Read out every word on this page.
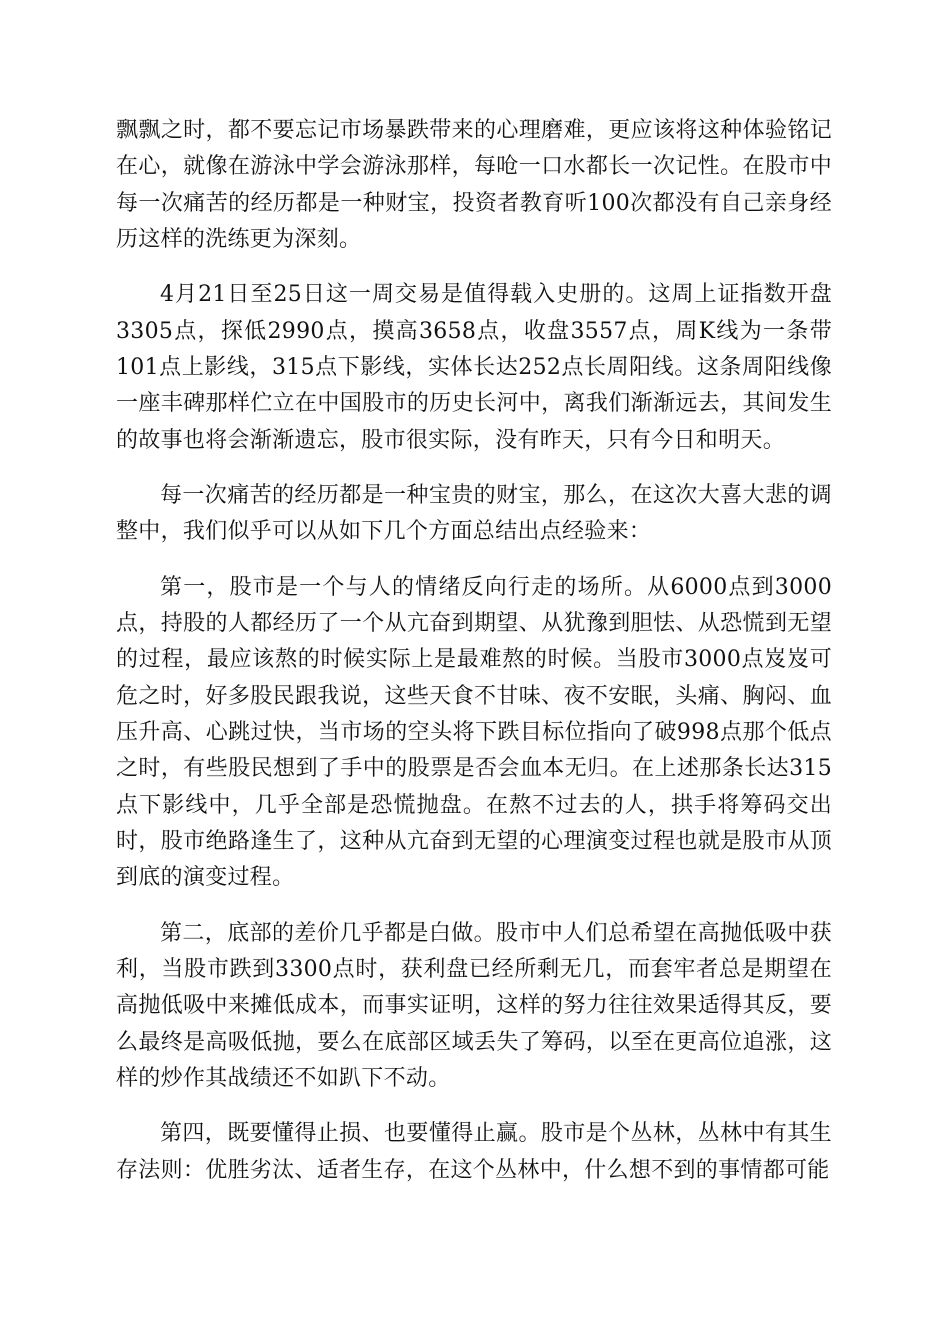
飘飘之时，都不要忘记市场暴跌带来的心理磨难，更应该将这种体验铭记在心，就像在游泳中学会游泳那样，每呛一口水都长一次记性。在股市中每一次痛苦的经历都是一种财宝，投资者教育听100次都没有自己亲身经历这样的洗练更为深刻。

4月21日至25日这一周交易是值得载入史册的。这周上证指数开盘3305点，探低2990点，摸高3658点，收盘3557点，周K线为一条带101点上影线，315点下影线，实体长达252点长周阳线。这条周阳线像一座丰碑那样伫立在中国股市的历史长河中，离我们渐渐远去，其间发生的故事也将会渐渐遗忘，股市很实际，没有昨天，只有今日和明天。

每一次痛苦的经历都是一种宝贵的财宝，那么，在这次大喜大悲的调整中，我们似乎可以从如下几个方面总结出点经验来：

第一，股市是一个与人的情绪反向行走的场所。从6000点到3000点，持股的人都经历了一个从亢奋到期望、从犹豫到胆怯、从恐慌到无望的过程，最应该熬的时候实际上是最难熬的时候。当股市3000点岌岌可危之时，好多股民跟我说，这些天食不甘味、夜不安眠，头痛、胸闷、血压升高、心跳过快，当市场的空头将下跌目标位指向了破998点那个低点之时，有些股民想到了手中的股票是否会血本无归。在上述那条长达315点下影线中，几乎全部是恐慌抛盘。在熬不过去的人，拱手将筹码交出时，股市绝路逢生了，这种从亢奋到无望的心理演变过程也就是股市从顶到底的演变过程。

第二，底部的差价几乎都是白做。股市中人们总希望在高抛低吸中获利，当股市跌到3300点时，获利盘已经所剩无几，而套牢者总是期望在高抛低吸中来摊低成本，而事实证明，这样的努力往往效果适得其反，要么最终是高吸低抛，要么在底部区域丢失了筹码，以至在更高位追涨，这样的炒作其战绩还不如趴下不动。

第四，既要懂得止损、也要懂得止赢。股市是个丛林，丛林中有其生存法则：优胜劣汰、适者生存，在这个丛林中，什么想不到的事情都可能
